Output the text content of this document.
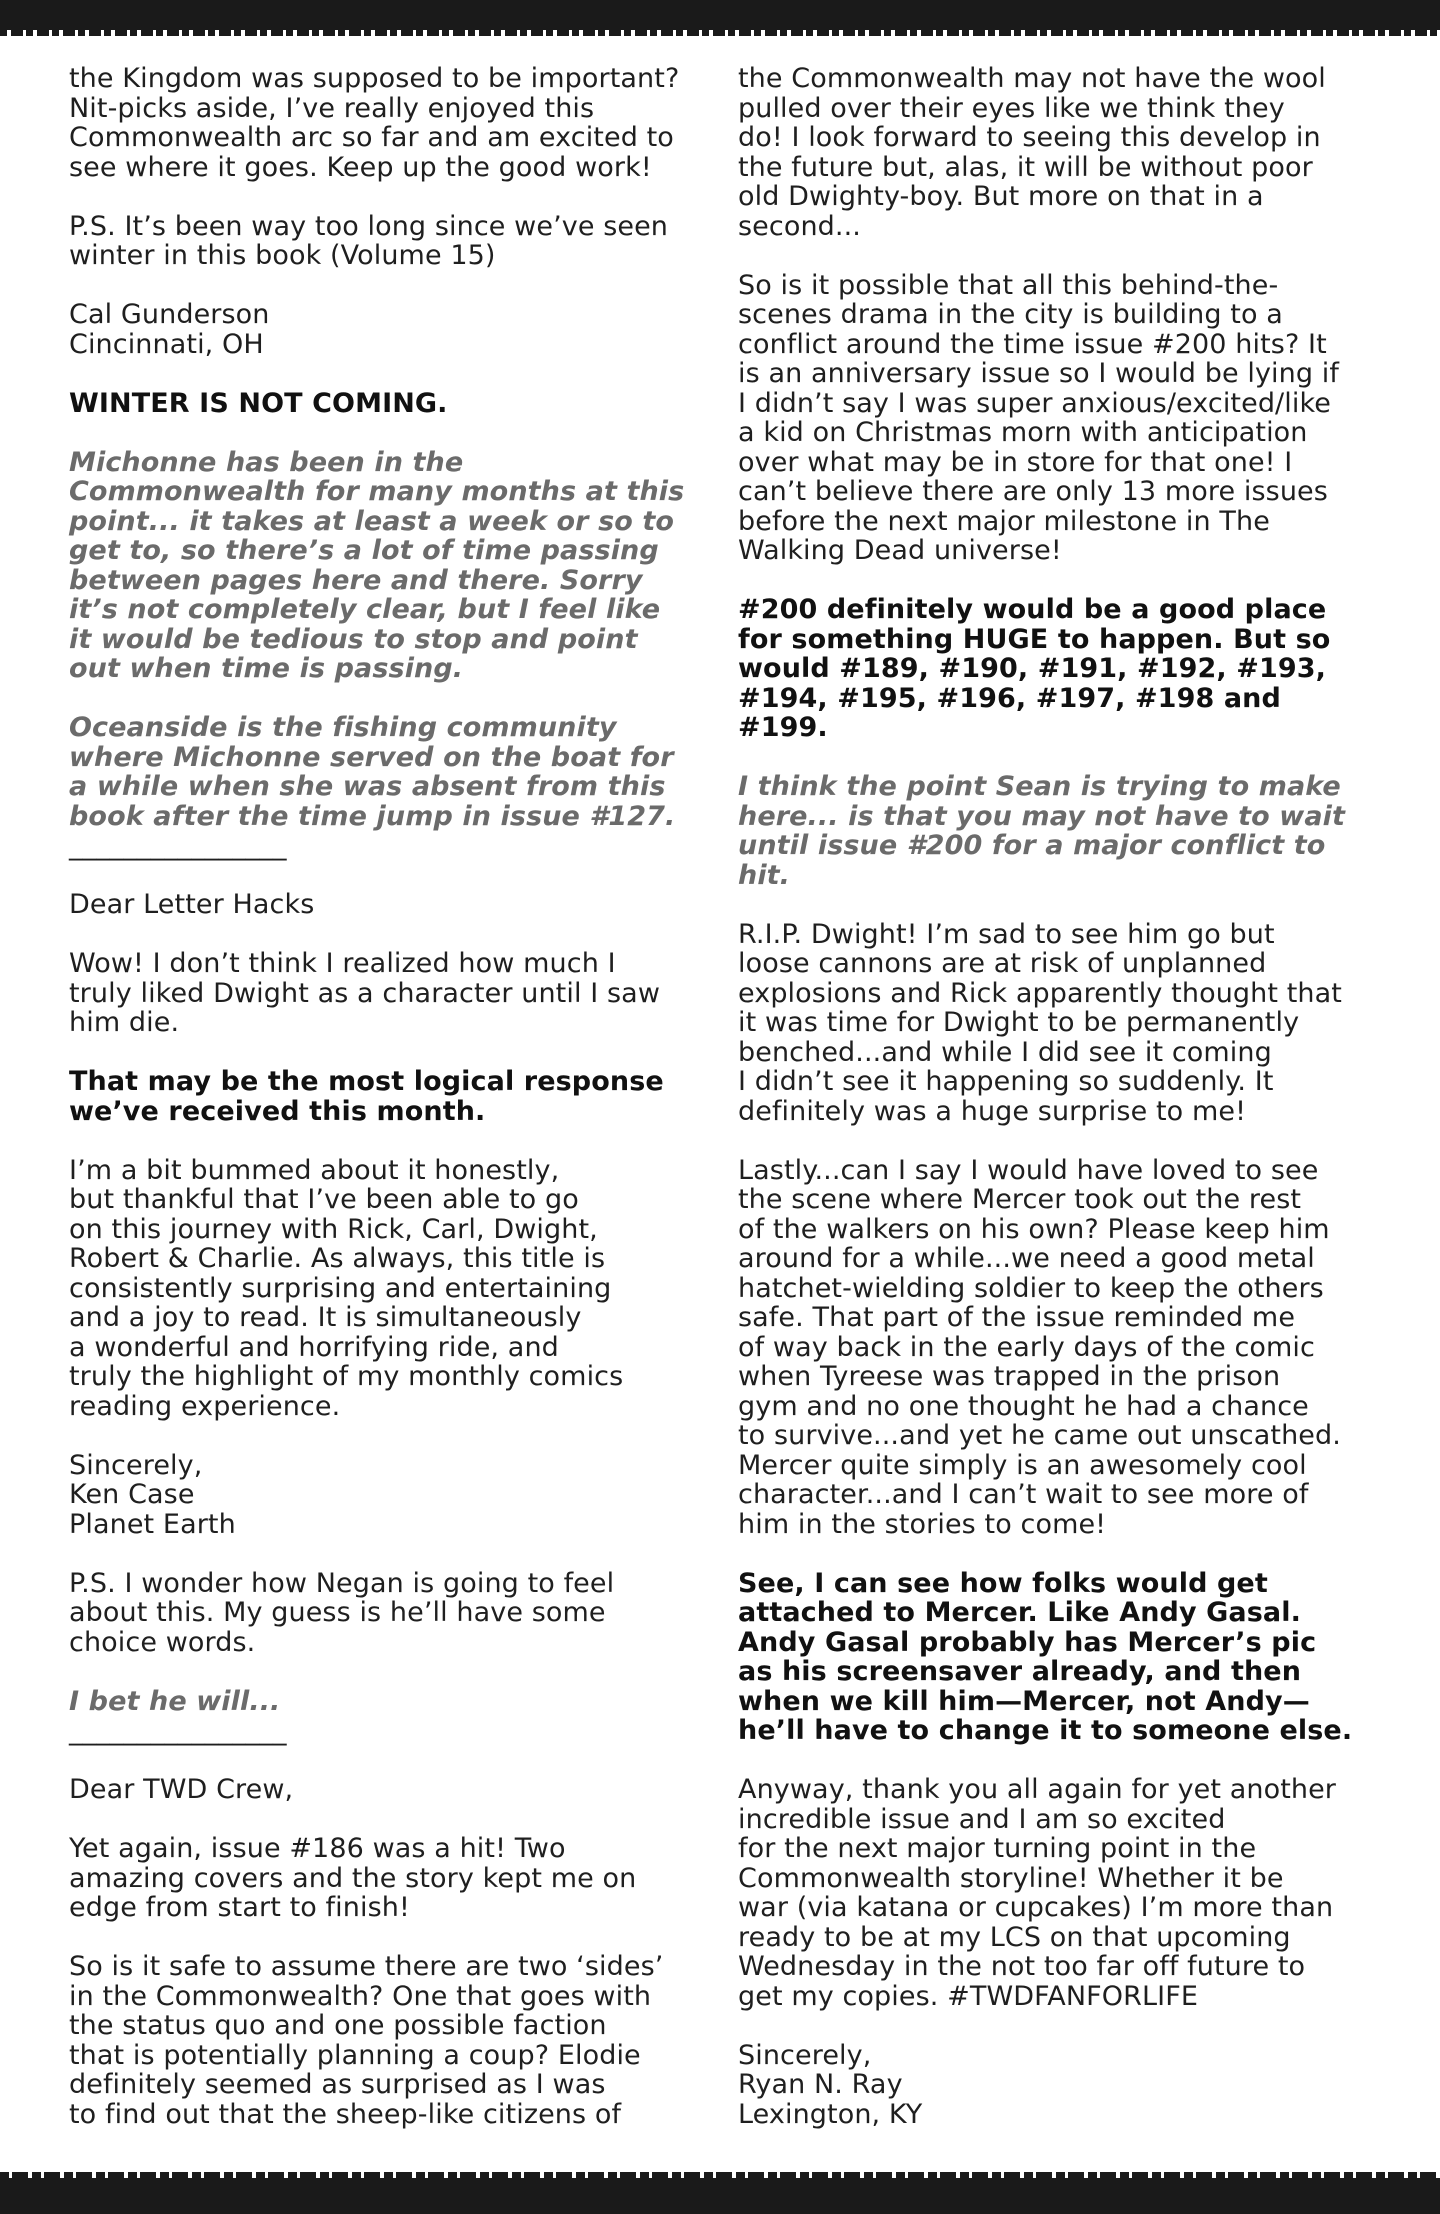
the Kingdom was supposed to be important?
Nit-picks aside, I’ve really enjoyed this
Commonwealth arc so far and am excited to
see where it goes. Keep up the good work!

P.S. It’s been way too long since we’ve seen
winter in this book (Volume 15)

Cal Gunderson
Cincinnati, OH

WINTER IS NOT COMING.

Michonne has been in the
Commonwealth for many months at this
point... it takes at least a week or so to
get to, so there’s a lot of time passing
between pages here and there. Sorry
it’s not completely clear, but I feel like
it would be tedious to stop and point
out when time is passing.

Oceanside is the fishing community
where Michonne served on the boat for
a while when she was absent from this
book after the time jump in issue #127.

________________

Dear Letter Hacks

Wow! I don’t think I realized how much I
truly liked Dwight as a character until I saw
him die.

That may be the most logical response
we’ve received this month.

I’m a bit bummed about it honestly,
but thankful that I’ve been able to go
on this journey with Rick, Carl, Dwight,
Robert & Charlie. As always, this title is
consistently surprising and entertaining
and a joy to read. It is simultaneously
a wonderful and horrifying ride, and
truly the highlight of my monthly comics
reading experience.

Sincerely,
Ken Case
Planet Earth

P.S. I wonder how Negan is going to feel
about this. My guess is he’ll have some
choice words.

I bet he will...

________________

Dear TWD Crew,

Yet again, issue #186 was a hit! Two
amazing covers and the story kept me on
edge from start to finish!

So is it safe to assume there are two ‘sides’
in the Commonwealth? One that goes with
the status quo and one possible faction
that is potentially planning a coup? Elodie
definitely seemed as surprised as I was
to find out that the sheep-like citizens of

the Commonwealth may not have the wool
pulled over their eyes like we think they
do! I look forward to seeing this develop in
the future but, alas, it will be without poor
old Dwighty-boy. But more on that in a
second...

So is it possible that all this behind-the-
scenes drama in the city is building to a
conflict around the time issue #200 hits? It
is an anniversary issue so I would be lying if
I didn’t say I was super anxious/excited/like
a kid on Christmas morn with anticipation
over what may be in store for that one! I
can’t believe there are only 13 more issues
before the next major milestone in The
Walking Dead universe!

#200 definitely would be a good place
for something HUGE to happen. But so
would #189, #190, #191, #192, #193,
#194, #195, #196, #197, #198 and
#199.

I think the point Sean is trying to make
here... is that you may not have to wait
until issue #200 for a major conflict to
hit.

R.I.P. Dwight! I’m sad to see him go but
loose cannons are at risk of unplanned
explosions and Rick apparently thought that
it was time for Dwight to be permanently
benched...and while I did see it coming
I didn’t see it happening so suddenly. It
definitely was a huge surprise to me!

Lastly...can I say I would have loved to see
the scene where Mercer took out the rest
of the walkers on his own? Please keep him
around for a while...we need a good metal
hatchet-wielding soldier to keep the others
safe. That part of the issue reminded me
of way back in the early days of the comic
when Tyreese was trapped in the prison
gym and no one thought he had a chance
to survive...and yet he came out unscathed.
Mercer quite simply is an awesomely cool
character...and I can’t wait to see more of
him in the stories to come!

See, I can see how folks would get
attached to Mercer. Like Andy Gasal.
Andy Gasal probably has Mercer’s pic
as his screensaver already, and then
when we kill him—Mercer, not Andy—
he’ll have to change it to someone else.

Anyway, thank you all again for yet another
incredible issue and I am so excited
for the next major turning point in the
Commonwealth storyline! Whether it be
war (via katana or cupcakes) I’m more than
ready to be at my LCS on that upcoming
Wednesday in the not too far off future to
get my copies. #TWDFANFORLIFE

Sincerely,
Ryan N. Ray
Lexington, KY
